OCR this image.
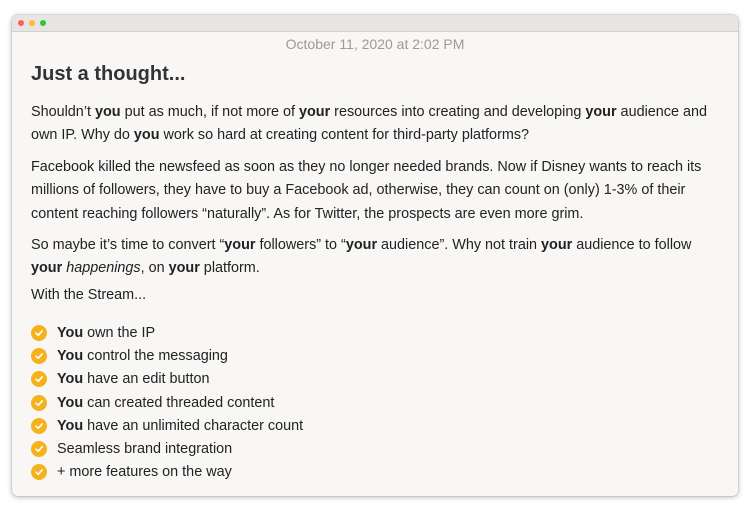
October 11, 2020 at 2:02 PM
Just a thought...

Shouldn’t you put as much, if not more of your resources into creating and developing your audience and own IP. Why do you work so hard at creating content for third-party platforms?

Facebook killed the newsfeed as soon as they no longer needed brands. Now if Disney wants to reach its millions of followers, they have to buy a Facebook ad, otherwise, they can count on (only) 1-3% of their content reaching followers “naturally”. As for Twitter, the prospects are even more grim.

So maybe it’s time to convert “your followers” to “your audience”. Why not train your audience to follow your happenings, on your platform.

With the Stream...

You own the IP
You control the messaging
You have an edit button
You can created threaded content
You have an unlimited character count
Seamless brand integration
+ more features on the way
